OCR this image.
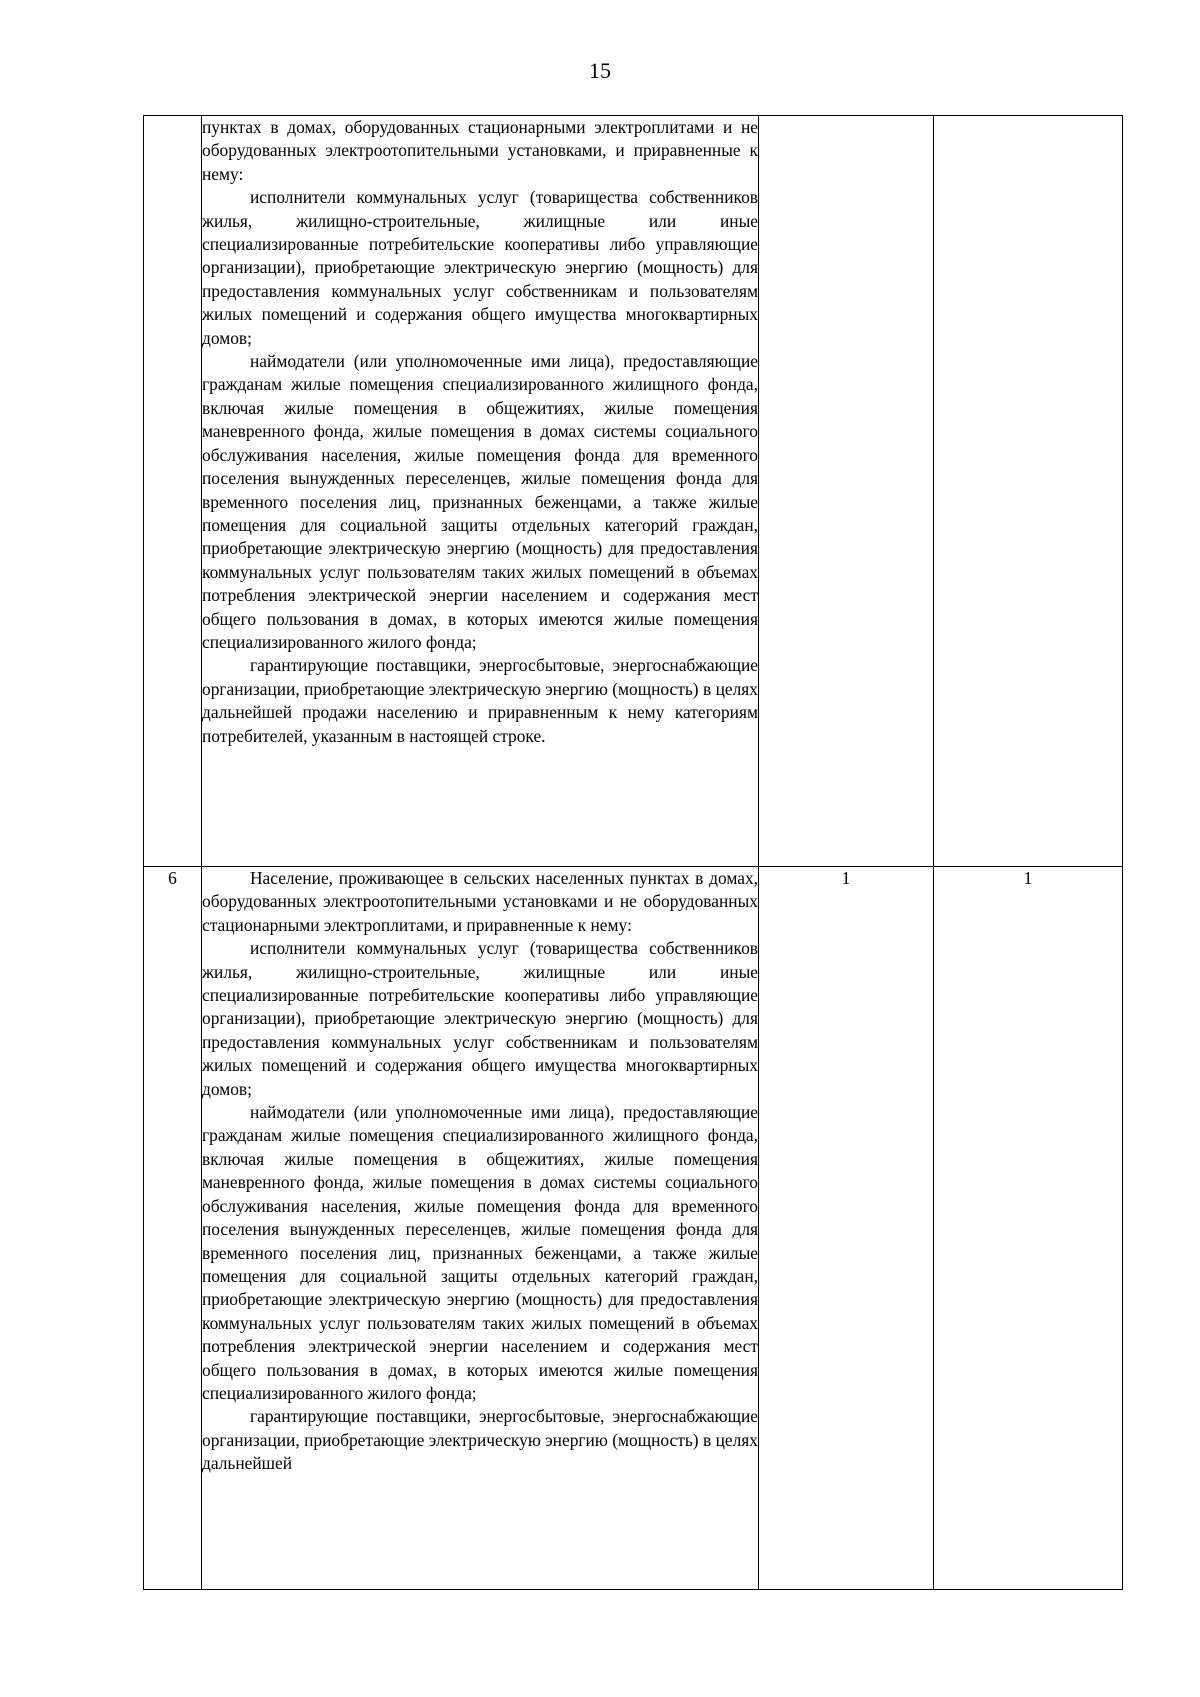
15

	пунктах в домах, оборудованных стационарными электроплитами и не оборудованных электроотопительными установками, и приравненные к нему:

исполнители коммунальных услуг (товарищества собственников жилья, жилищно-строительные, жилищные или иные специализированные потребительские кооперативы либо управляющие организации), приобретающие электрическую энергию (мощность) для предоставления коммунальных услуг собственникам и пользователям жилых помещений и содержания общего имущества многоквартирных домов;

наймодатели (или уполномоченные ими лица), предоставляющие гражданам жилые помещения специализированного жилищного фонда, включая жилые помещения в общежитиях, жилые помещения маневренного фонда, жилые помещения в домах системы социального обслуживания населения, жилые помещения фонда для временного поселения вынужденных переселенцев, жилые помещения фонда для временного поселения лиц, признанных беженцами, а также жилые помещения для социальной защиты отдельных категорий граждан, приобретающие электрическую энергию (мощность) для предоставления коммунальных услуг пользователям таких жилых помещений в объемах потребления электрической энергии населением и содержания мест общего пользования в домах, в которых имеются жилые помещения специализированного жилого фонда;

гарантирующие поставщики, энергосбытовые, энергоснабжающие организации, приобретающие электрическую энергию (мощность) в целях дальнейшей продажи населению и приравненным к нему категориям потребителей, указанным в настоящей строке.		

6	Население, проживающее в сельских населенных пунктах в домах, оборудованных электроотопительными установками и не оборудованных стационарными электроплитами, и приравненные к нему:

исполнители коммунальных услуг (товарищества собственников жилья, жилищно-строительные, жилищные или иные специализированные потребительские кооперативы либо управляющие организации), приобретающие электрическую энергию (мощность) для предоставления коммунальных услуг собственникам и пользователям жилых помещений и содержания общего имущества многоквартирных домов;

наймодатели (или уполномоченные ими лица), предоставляющие гражданам жилые помещения специализированного жилищного фонда, включая жилые помещения в общежитиях, жилые помещения маневренного фонда, жилые помещения в домах системы социального обслуживания населения, жилые помещения фонда для временного поселения вынужденных переселенцев, жилые помещения фонда для временного поселения лиц, признанных беженцами, а также жилые помещения для социальной защиты отдельных категорий граждан, приобретающие электрическую энергию (мощность) для предоставления коммунальных услуг пользователям таких жилых помещений в объемах потребления электрической энергии населением и содержания мест общего пользования в домах, в которых имеются жилые помещения специализированного жилого фонда;

гарантирующие поставщики, энергосбытовые, энергоснабжающие организации, приобретающие электрическую энергию (мощность) в целях дальнейшей	1	1
